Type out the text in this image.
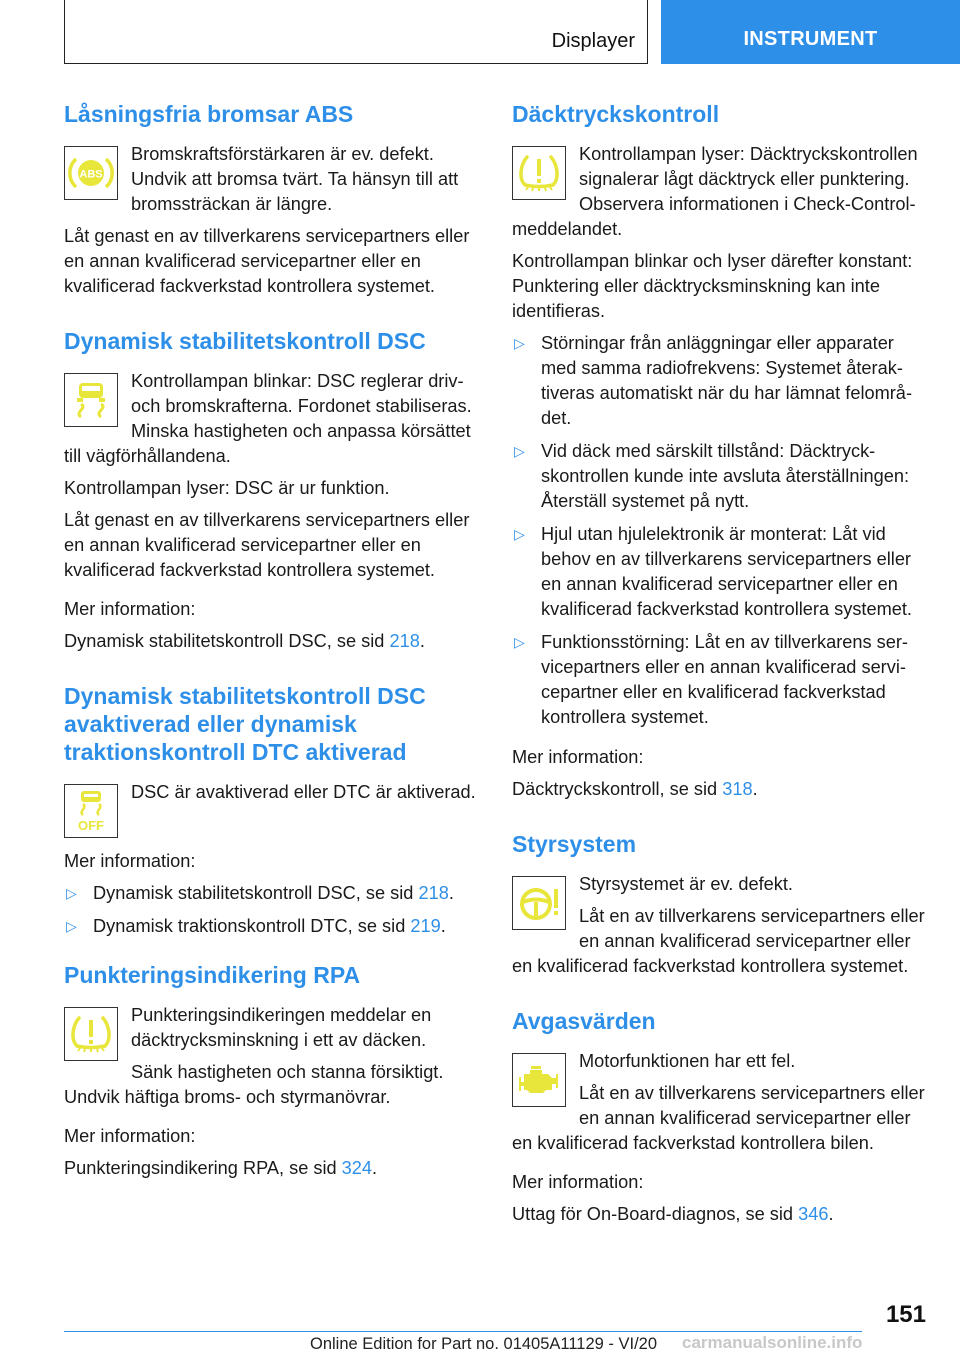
Displayer	INSTRUMENT
Låsningsfria bromsar ABS
ABS

Bromskraftsförstärkaren är ev. defekt. Undvik att bromsa tvärt. Ta hänsyn till att bromssträckan är längre.

Låt genast en av tillverkarens servicepartners eller en annan kvalificerad servicepartner eller en kvalificerad fackverkstad kontrollera systemet.

Dynamisk stabilitetskontroll DSC

Kontrollampan blinkar: DSC reglerar driv- och bromskrafterna. Fordonet stabiliseras. Minska hastigheten och anpassa körsättet till vägförhållandena.

Kontrollampan lyser: DSC är ur funktion.

Låt genast en av tillverkarens servicepartners eller en annan kvalificerad servicepartner eller en kvalificerad fackverkstad kontrollera systemet.

Mer information:

Dynamisk stabilitetskontroll DSC, se sid 218.

Dynamisk stabilitetskontroll DSC avaktiverad eller dynamisk traktionskontroll DTC aktiverad
OFF

DSC är avaktiverad eller DTC är aktiverad.

Mer information:

▷ Dynamisk stabilitetskontroll DSC, se sid 218.
▷ Dynamisk traktionskontroll DTC, se sid 219.
Punkteringsindikering RPA

Punkteringsindikeringen meddelar en däcktrycksminskning i ett av däcken.

Sänk hastigheten och stanna försiktigt. Undvik häftiga broms- och styrmanövrar.

Mer information:

Punkteringsindikering RPA, se sid 324.

Däcktryckskontroll

Kontrollampan lyser: Däcktryckskontrollen signalerar lågt däcktryck eller punktering. Observera informationen i Check-Control-meddelandet.

Kontrollampan blinkar och lyser därefter konstant: Punktering eller däcktrycksminskning kan inte identifieras.

▷ Störningar från anläggningar eller apparater med samma radiofrekvens: Systemet återaktiveras automatiskt när du har lämnat felområdet.
▷ Vid däck med särskilt tillstånd: Däcktryckskontrollen kunde inte avsluta återställningen: Återställ systemet på nytt.
▷ Hjul utan hjulelektronik är monterat: Låt vid behov en av tillverkarens servicepartners eller en annan kvalificerad servicepartner eller en kvalificerad fackverkstad kontrollera systemet.
▷ Funktionsstörning: Låt en av tillverkarens servicepartners eller en annan kvalificerad servicepartner eller en kvalificerad fackverkstad kontrollera systemet.

Mer information:

Däcktryckskontroll, se sid 318.

Styrsystem

Styrsystemet är ev. defekt.

Låt en av tillverkarens servicepartners eller en annan kvalificerad servicepartner eller en kvalificerad fackverkstad kontrollera systemet.

Avgasvärden

Motorfunktionen har ett fel.

Låt en av tillverkarens servicepartners eller en annan kvalificerad servicepartner eller en kvalificerad fackverkstad kontrollera bilen.

Mer information:

Uttag för On-Board-diagnos, se sid 346.

151
Online Edition for Part no. 01405A11129 - VI/20 carmanualsonline.info
